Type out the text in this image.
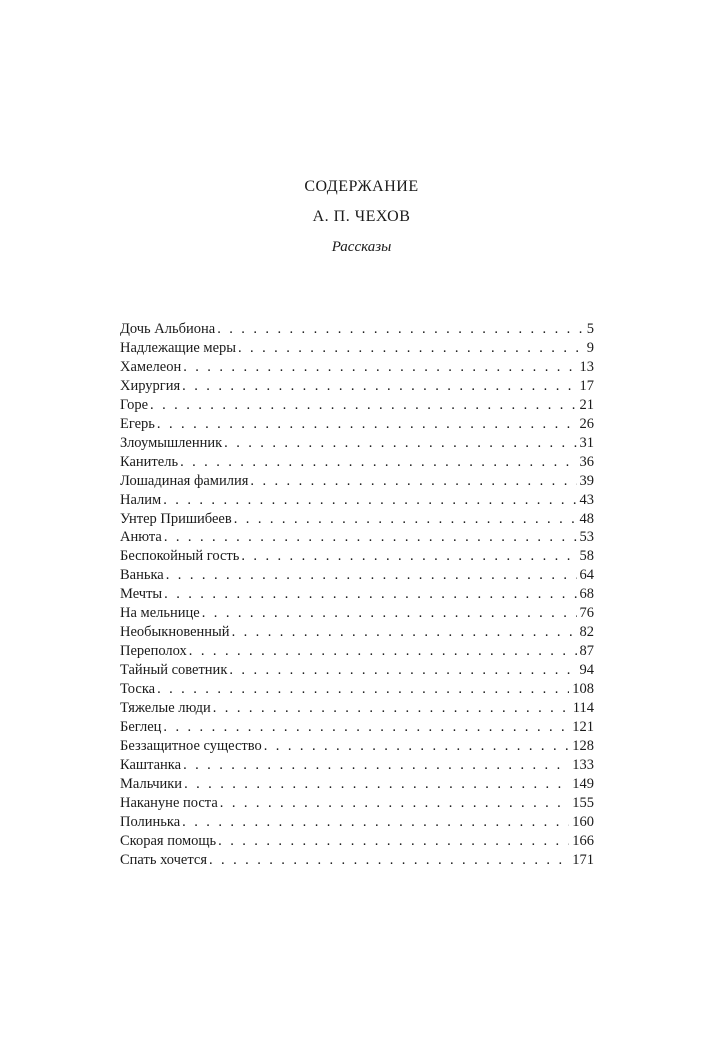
СОДЕРЖАНИЕ
А. П. ЧЕХОВ
Рассказы
Дочь Альбиона . . .	5
Надлежащие меры . . .	9
Хамелеон . . .	13
Хирургия . . .	17
Горе . . .	21
Егерь . . .	26
Злоумышленник . . .	31
Канитель . . .	36
Лошадиная фамилия . . .	39
Налим . . .	43
Унтер Пришибеев . . .	48
Анюта . . .	53
Беспокойный гость . . .	58
Ванька . . .	64
Мечты . . .	68
На мельнице . . .	76
Необыкновенный . . .	82
Переполох . . .	87
Тайный советник . . .	94
Тоска . . .	108
Тяжелые люди . . .	114
Беглец . . .	121
Беззащитное существо . . .	128
Каштанка . . .	133
Мальчики . . .	149
Накануне поста . . .	155
Полинька . . .	160
Скорая помощь . . .	166
Спать хочется . . .	171
